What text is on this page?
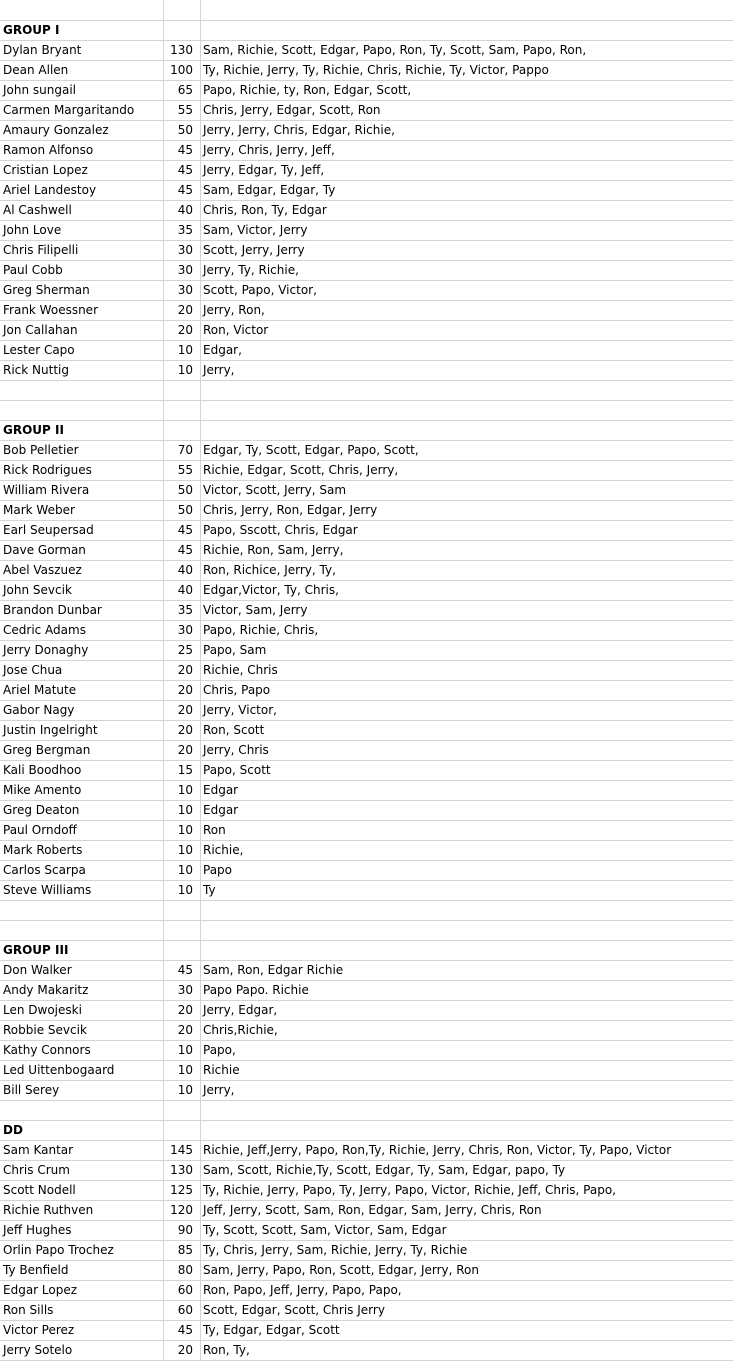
GROUP I
Dylan Bryant	130 Sam, Richie, Scott, Edgar, Papo, Ron, Ty, Scott, Sam, Papo, Ron,
Dean Allen	100 Ty, Richie, Jerry, Ty, Richie, Chris, Richie, Ty, Victor, Pappo
John sungail	65 Papo, Richie, ty, Ron, Edgar, Scott,
Carmen Margaritando	55 Chris, Jerry, Edgar, Scott, Ron
Amaury Gonzalez	50 Jerry, Jerry, Chris, Edgar, Richie,
Ramon Alfonso	45 Jerry, Chris, Jerry, Jeff,
Cristian Lopez	45 Jerry, Edgar, Ty, Jeff,
Ariel Landestoy	45 Sam, Edgar, Edgar, Ty
Al Cashwell	40 Chris, Ron, Ty, Edgar
John Love	35 Sam, Victor, Jerry
Chris Filipelli	30 Scott, Jerry, Jerry
Paul Cobb	30 Jerry, Ty, Richie,
Greg Sherman	30 Scott, Papo, Victor,
Frank Woessner	20 Jerry, Ron,
Jon Callahan	20 Ron, Victor
Lester Capo	10 Edgar,
Rick Nuttig	10 Jerry,
GROUP II
Bob Pelletier	70 Edgar, Ty, Scott, Edgar, Papo, Scott,
Rick Rodrigues	55 Richie, Edgar, Scott, Chris, Jerry,
William Rivera	50 Victor, Scott, Jerry, Sam
Mark Weber	50 Chris, Jerry, Ron, Edgar, Jerry
Earl Seupersad	45 Papo, Sscott, Chris, Edgar
Dave Gorman	45 Richie, Ron, Sam, Jerry,
Abel Vaszuez	40 Ron, Richice, Jerry, Ty,
John Sevcik	40 Edgar,Victor, Ty, Chris,
Brandon Dunbar	35 Victor, Sam, Jerry
Cedric Adams	30 Papo, Richie, Chris,
Jerry Donaghy	25 Papo, Sam
Jose Chua	20 Richie, Chris
Ariel Matute	20 Chris, Papo
Gabor Nagy	20 Jerry, Victor,
Justin Ingelright	20 Ron, Scott
Greg Bergman	20 Jerry, Chris
Kali Boodhoo	15 Papo, Scott
Mike Amento	10 Edgar
Greg Deaton	10 Edgar
Paul Orndoff	10 Ron
Mark Roberts	10 Richie,
Carlos Scarpa	10 Papo
Steve Williams	10 Ty
GROUP III
Don Walker	45 Sam, Ron, Edgar Richie
Andy Makaritz	30 Papo Papo. Richie
Len Dwojeski	20 Jerry, Edgar,
Robbie Sevcik	20 Chris,Richie,
Kathy Connors	10 Papo,
Led Uittenbogaard	10 Richie
Bill Serey	10 Jerry,
DD
Sam Kantar	145 Richie, Jeff,Jerry, Papo, Ron,Ty, Richie, Jerry, Chris, Ron, Victor, Ty, Papo, Victor
Chris Crum	130 Sam, Scott, Richie,Ty, Scott, Edgar, Ty, Sam, Edgar, papo, Ty
Scott Nodell	125 Ty, Richie, Jerry, Papo, Ty, Jerry, Papo, Victor, Richie, Jeff, Chris, Papo,
Richie Ruthven	120 Jeff, Jerry, Scott, Sam, Ron, Edgar, Sam, Jerry, Chris, Ron
Jeff Hughes	90 Ty, Scott, Scott, Sam, Victor, Sam, Edgar
Orlin Papo Trochez	85 Ty, Chris, Jerry, Sam, Richie, Jerry, Ty, Richie
Ty Benfield	80 Sam, Jerry, Papo, Ron, Scott, Edgar, Jerry, Ron
Edgar Lopez	60 Ron, Papo, Jeff, Jerry, Papo, Papo,
Ron Sills	60 Scott, Edgar, Scott, Chris Jerry
Victor Perez	45 Ty, Edgar, Edgar, Scott
Jerry Sotelo	20 Ron, Ty,
